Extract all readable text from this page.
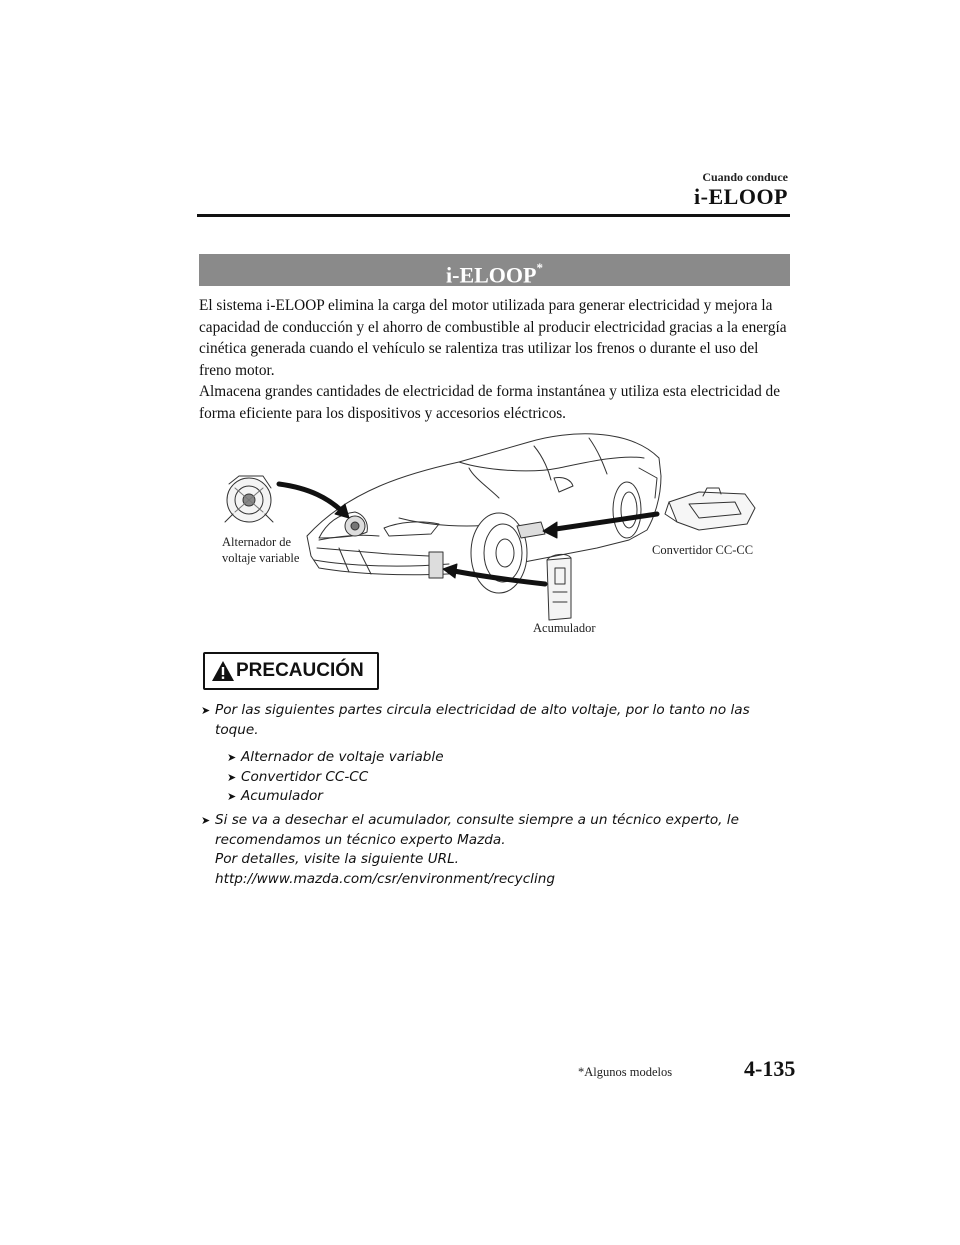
Cuando conduce
i-ELOOP
i-ELOOP*

El sistema i-ELOOP elimina la carga del motor utilizada para generar electricidad y mejora la capacidad de conducción y el ahorro de combustible al producir electricidad gracias a la energía cinética generada cuando el vehículo se ralentiza tras utilizar los frenos o durante el uso del freno motor.

Almacena grandes cantidades de electricidad de forma instantánea y utiliza esta electricidad de forma eficiente para los dispositivos y accesorios eléctricos.

Alternador de voltaje variable
Convertidor CC-CC
Acumulador
PRECAUCIÓN
➤ Por las siguientes partes circula electricidad de alto voltaje, por lo tanto no las toque.
➤ Alternador de voltaje variable
➤ Convertidor CC-CC
➤ Acumulador
➤ Si se va a desechar el acumulador, consulte siempre a un técnico experto, le recomendamos un técnico experto Mazda.
Por detalles, visite la siguiente URL.
http://www.mazda.com/csr/environment/recycling
*Algunos modelos	4-135
